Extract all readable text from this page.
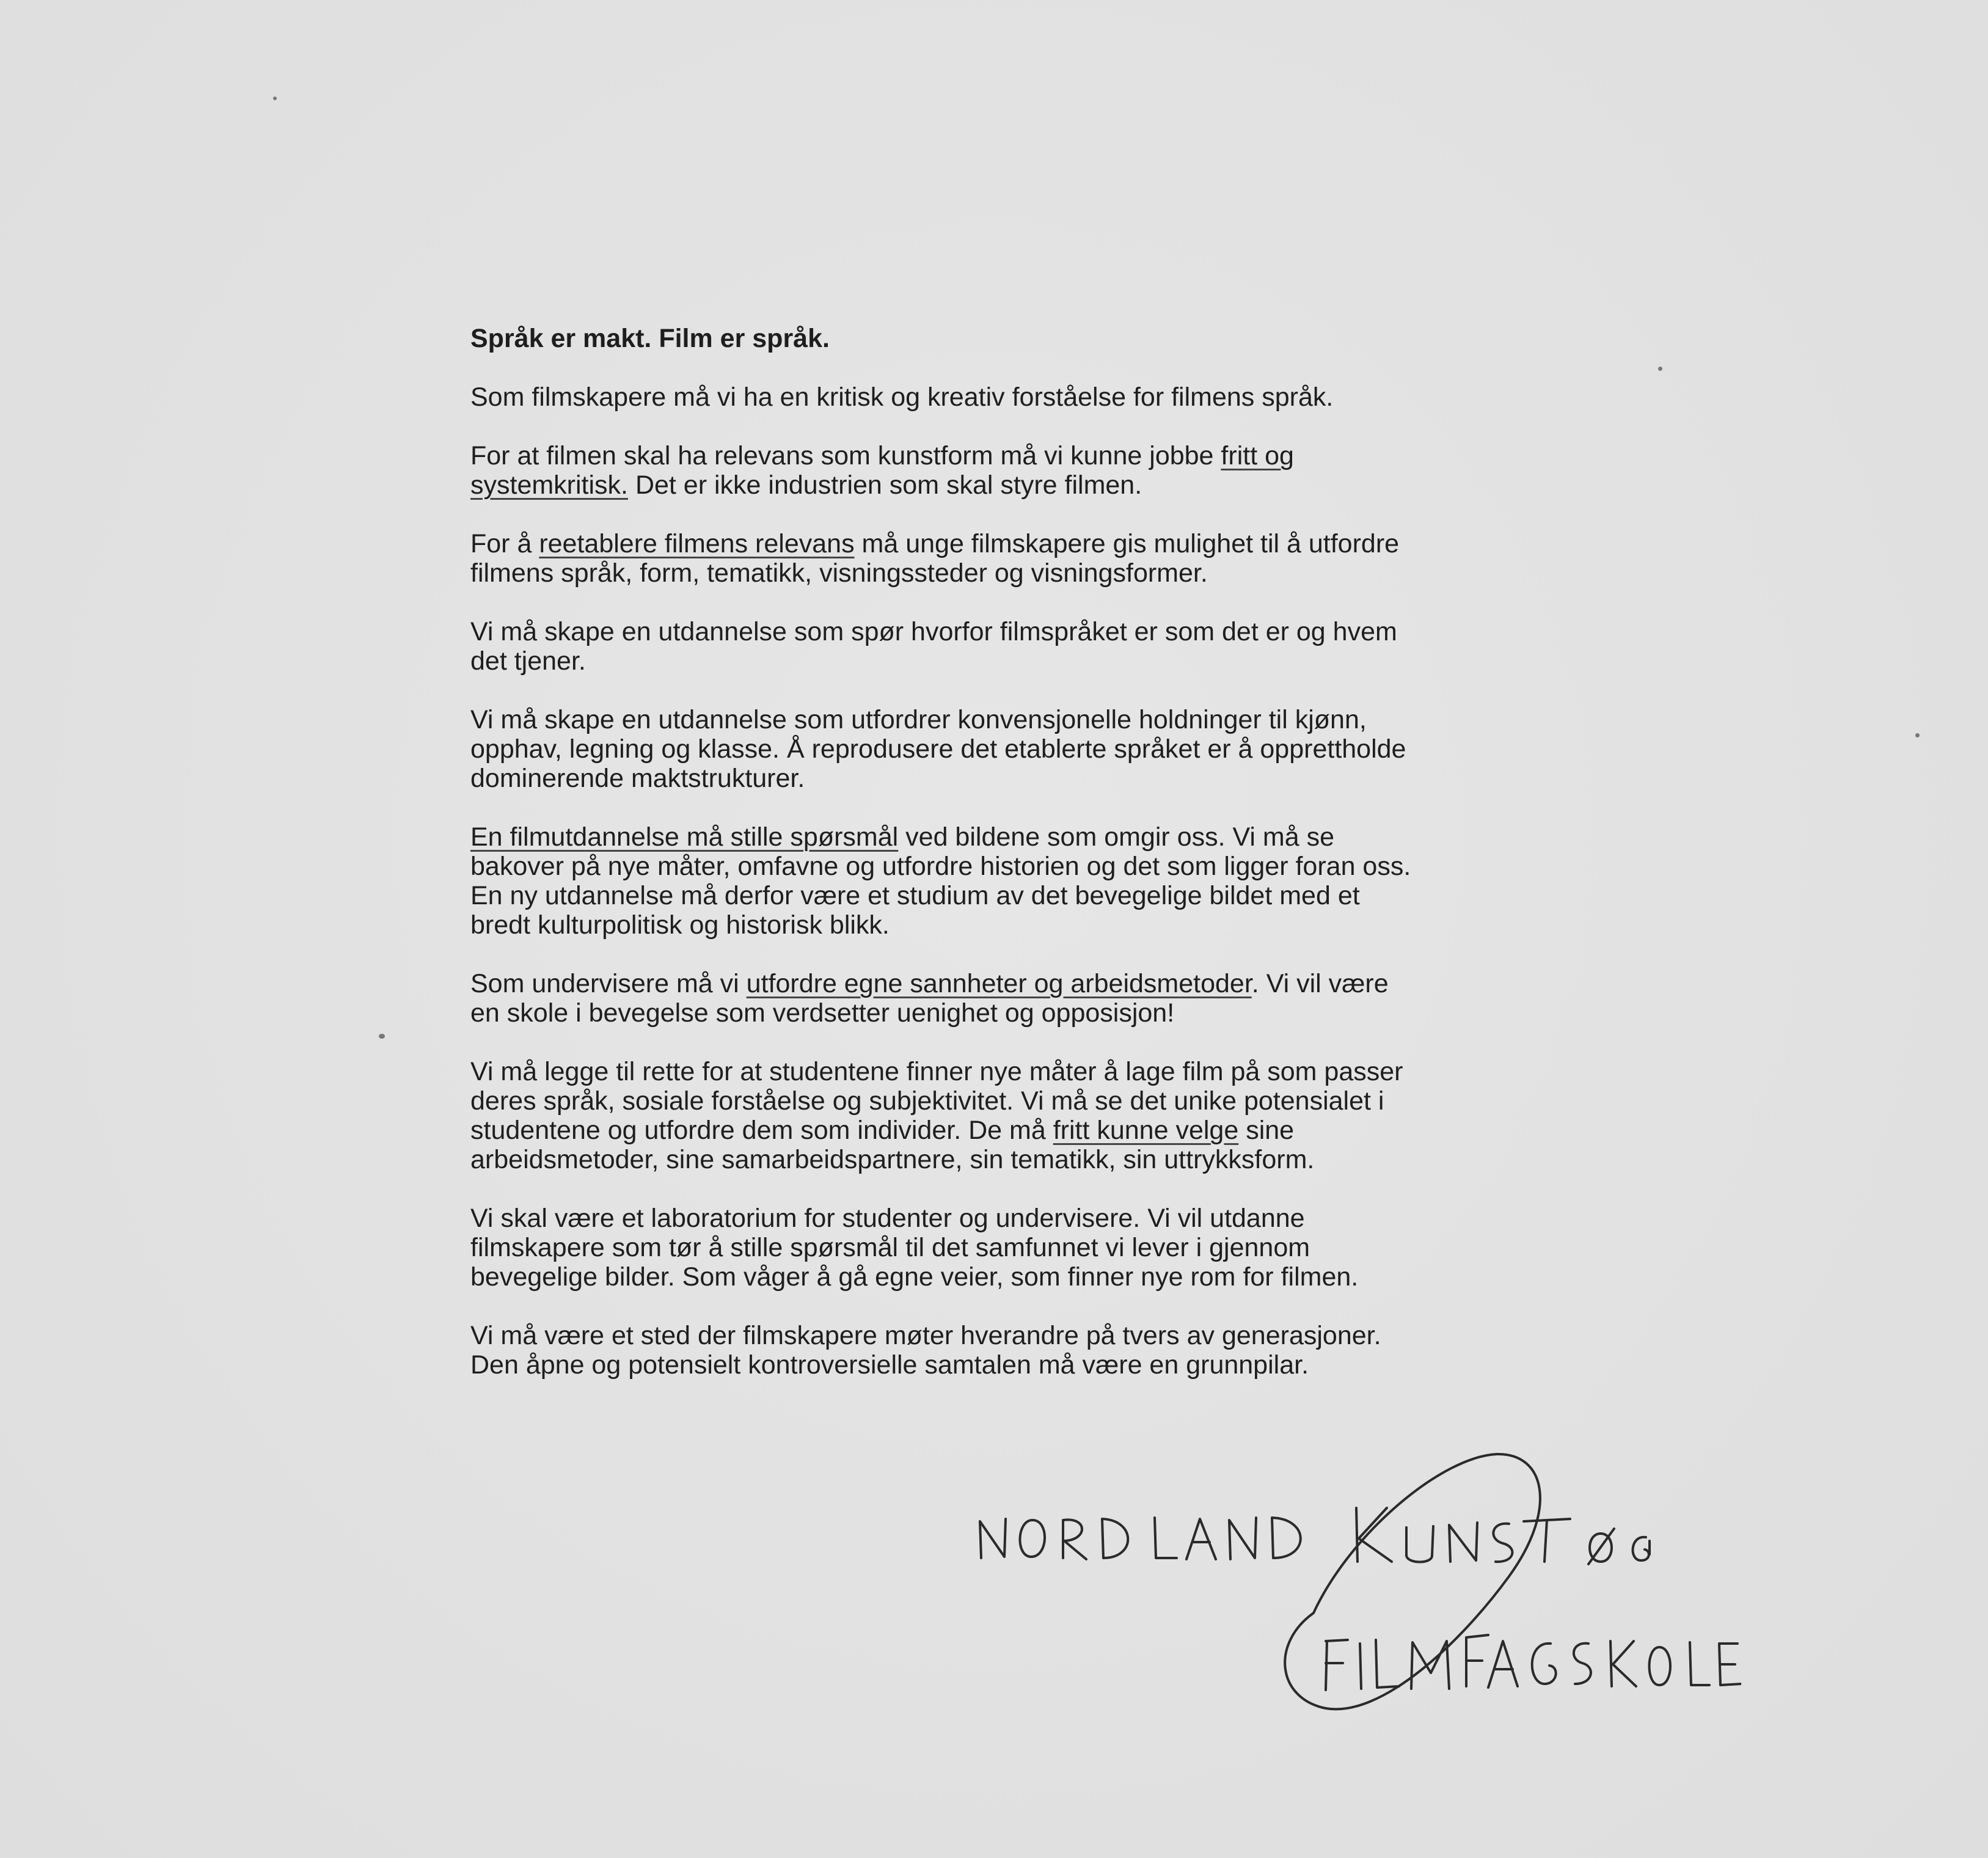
Språk er makt. Film er språk.

Som filmskapere må vi ha en kritisk og kreativ forståelse for filmens språk.

For at filmen skal ha relevans som kunstform må vi kunne jobbe fritt og
systemkritisk. Det er ikke industrien som skal styre filmen.

For å reetablere filmens relevans må unge filmskapere gis mulighet til å utfordre
filmens språk, form, tematikk, visningssteder og visningsformer.

Vi må skape en utdannelse som spør hvorfor filmspråket er som det er og hvem
det tjener.

Vi må skape en utdannelse som utfordrer konvensjonelle holdninger til kjønn,
opphav, legning og klasse. Å reprodusere det etablerte språket er å opprettholde
dominerende maktstrukturer.

En filmutdannelse må stille spørsmål ved bildene som omgir oss. Vi må se
bakover på nye måter, omfavne og utfordre historien og det som ligger foran oss.
En ny utdannelse må derfor være et studium av det bevegelige bildet med et
bredt kulturpolitisk og historisk blikk.

Som undervisere må vi utfordre egne sannheter og arbeidsmetoder. Vi vil være
en skole i bevegelse som verdsetter uenighet og opposisjon!

Vi må legge til rette for at studentene finner nye måter å lage film på som passer
deres språk, sosiale forståelse og subjektivitet. Vi må se det unike potensialet i
studentene og utfordre dem som individer. De må fritt kunne velge sine
arbeidsmetoder, sine samarbeidspartnere, sin tematikk, sin uttrykksform.

Vi skal være et laboratorium for studenter og undervisere. Vi vil utdanne
filmskapere som tør å stille spørsmål til det samfunnet vi lever i gjennom
bevegelige bilder. Som våger å gå egne veier, som finner nye rom for filmen.

Vi må være et sted der filmskapere møter hverandre på tvers av generasjoner.
Den åpne og potensielt kontroversielle samtalen må være en grunnpilar.
